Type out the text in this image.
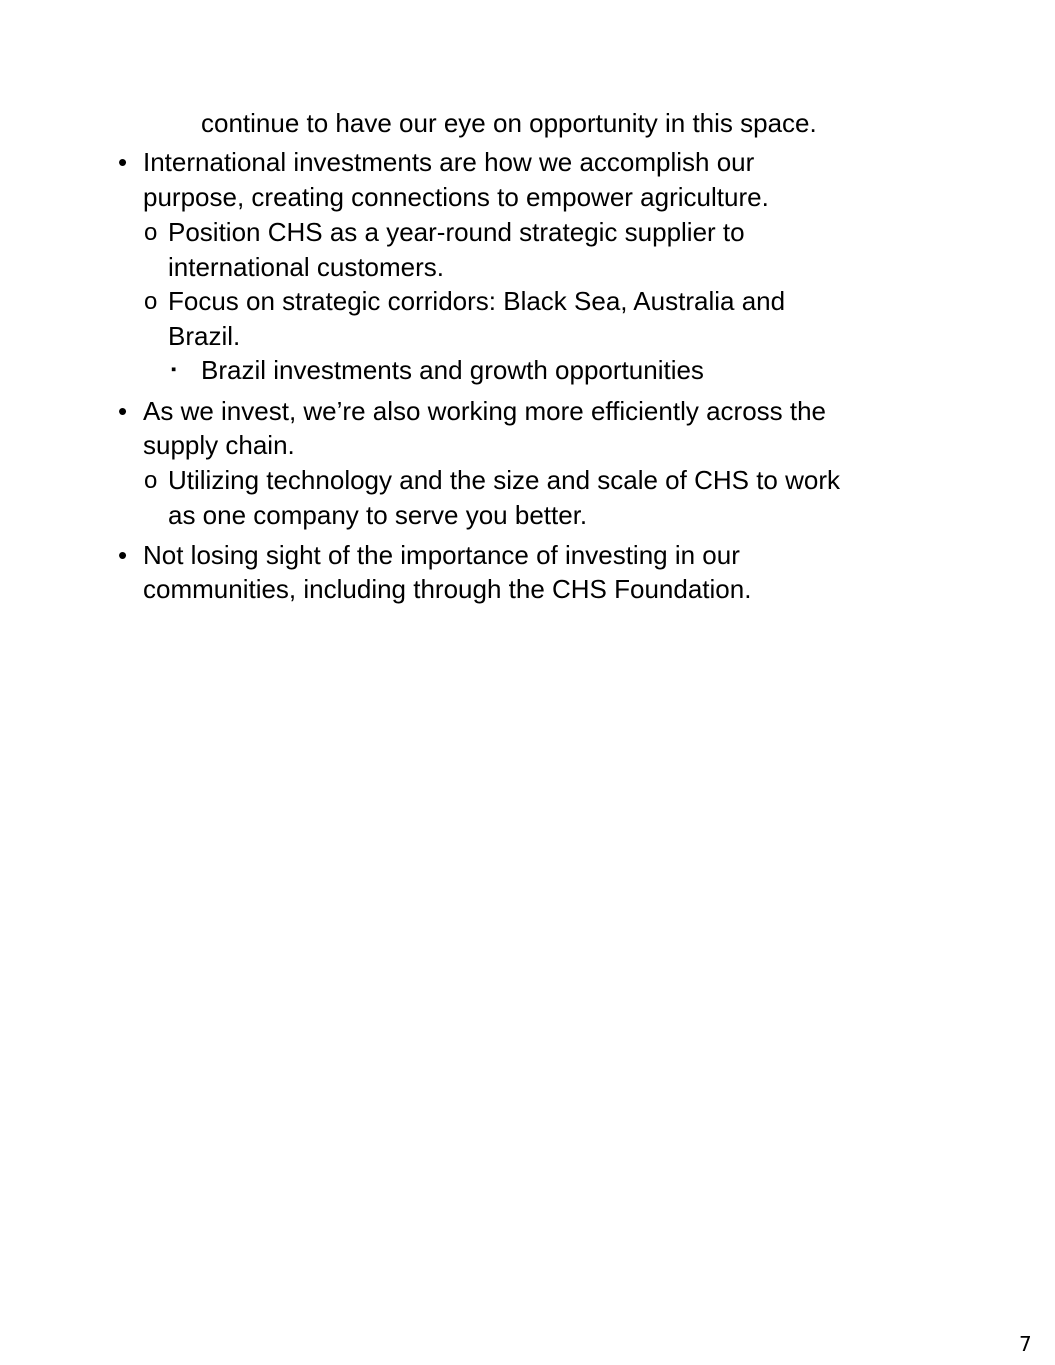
continue to have our eye on opportunity in this space.
• International investments are how we accomplish our
purpose, creating connections to empower agriculture.
o Position CHS as a year-round strategic supplier to
international customers.
o Focus on strategic corridors: Black Sea, Australia and
Brazil.
▪ Brazil investments and growth opportunities
• As we invest, we’re also working more efficiently across the
supply chain.
o Utilizing technology and the size and scale of CHS to work
as one company to serve you better.
• Not losing sight of the importance of investing in our
communities, including through the CHS Foundation.
7
